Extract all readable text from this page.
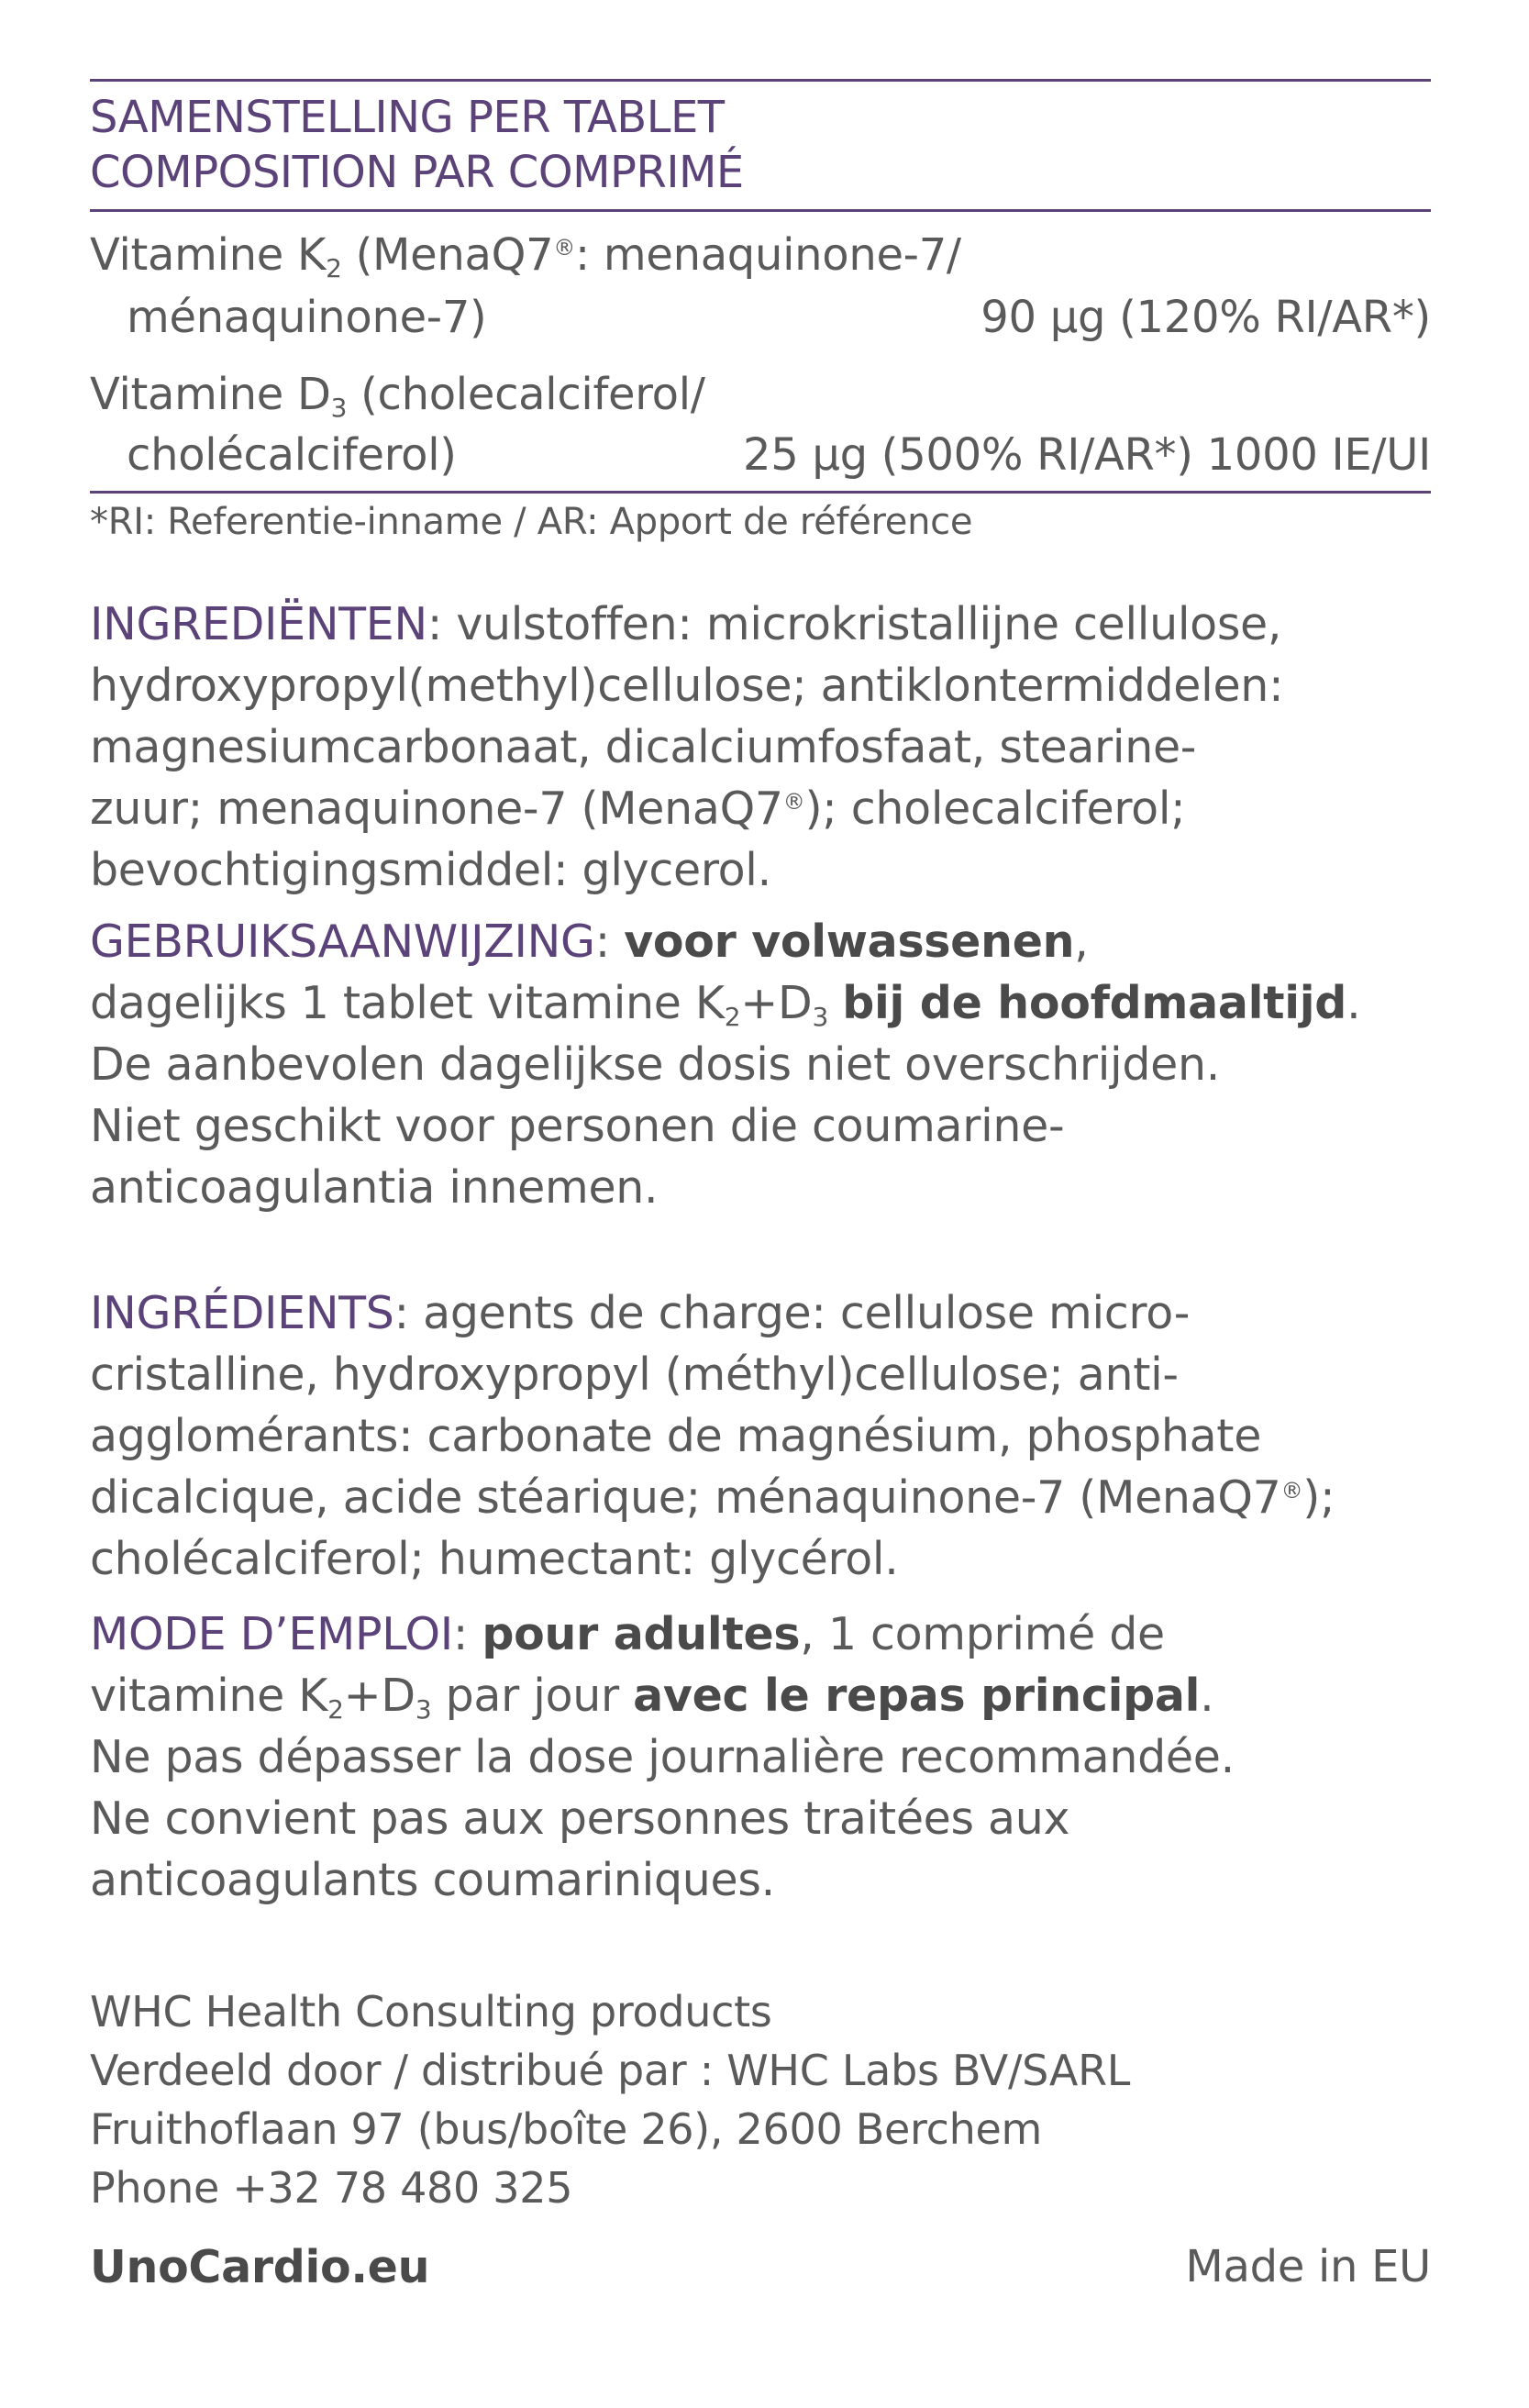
SAMENSTELLING PER TABLET
COMPOSITION PAR COMPRIMÉ
Vitamine $K_2$ (MenaQ7®: menaquinone-7/
ménaquinone-7)	90 µg (120% RI/AR*)
Vitamine $D_3$ (cholecalciferol/
cholécalciferol)	25 µg (500% RI/AR*) 1000 IE/UI
*RI: Referentie-inname / AR: Apport de référence
INGREDIËNTEN: vulstoffen: microkristallijne cellulose,
hydroxypropyl(methyl)cellulose; antiklontermiddelen:
magnesiumcarbonaat, dicalciumfosfaat, stearine-
zuur; menaquinone-7 (MenaQ7®); cholecalciferol;
bevochtigingsmiddel: glycerol.
GEBRUIKSAANWIJZING: voor volwassenen,
dagelijks 1 tablet vitamine $K_2+D_3$ bij de hoofdmaaltijd.
De aanbevolen dagelijkse dosis niet overschrijden.
Niet geschikt voor personen die coumarine-
anticoagulantia innemen.
INGRÉDIENTS: agents de charge: cellulose micro-
cristalline, hydroxypropyl (méthyl)cellulose; anti-
agglomérants: carbonate de magnésium, phosphate
dicalcique, acide stéarique; ménaquinone-7 (MenaQ7®);
cholécalciferol; humectant: glycérol.
MODE D’EMPLOI: pour adultes, 1 comprimé de
vitamine $K_2+D_3$ par jour avec le repas principal.
Ne pas dépasser la dose journalière recommandée.
Ne convient pas aux personnes traitées aux
anticoagulants coumariniques.
WHC Health Consulting products
Verdeeld door / distribué par : WHC Labs BV/SARL
Fruithoflaan 97 (bus/boîte 26), 2600 Berchem
Phone +32 78 480 325
UnoCardio.eu	Made in EU
